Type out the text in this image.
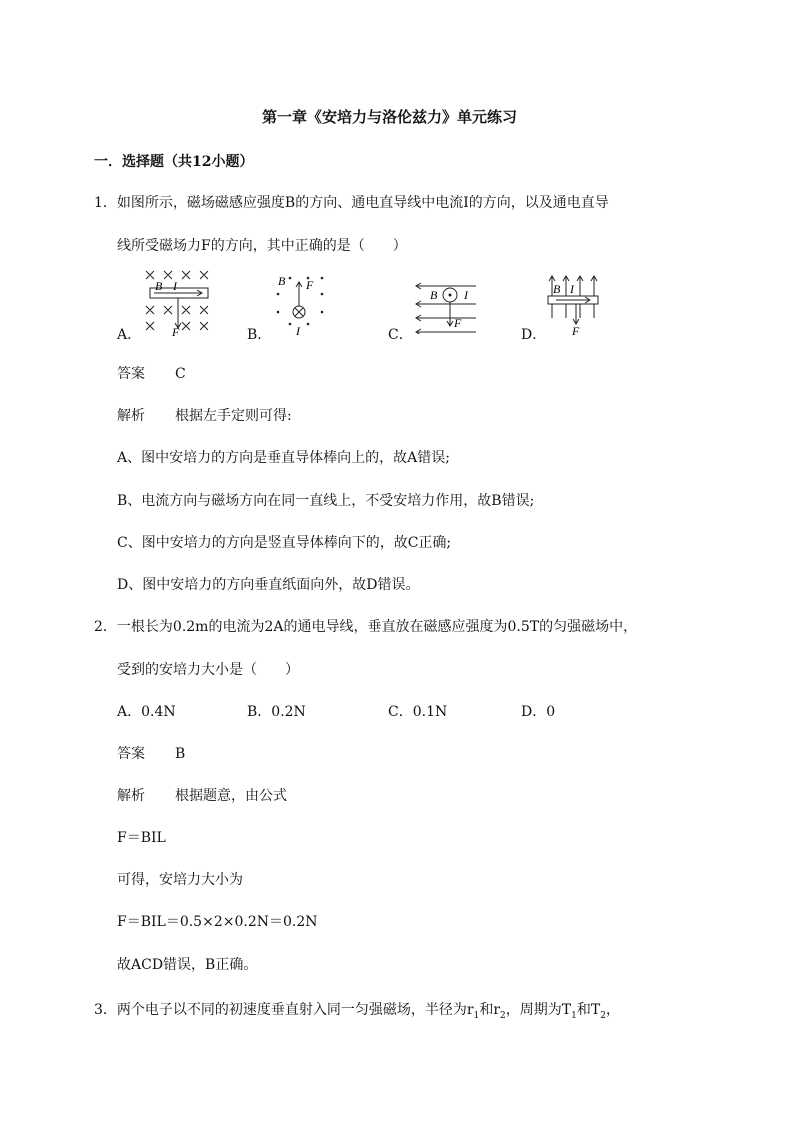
第一章《安培力与洛伦兹力》单元练习
一．选择题（共12小题）
1．如图所示，磁场磁感应强度B的方向、通电直导线中电流I的方向，以及通电直导
线所受磁场力F的方向，其中正确的是（　　）
A．
B I
F	B．
B F
I	C．
B I
F
D．
B I
F
答案 C
解析 根据左手定则可得:
A、图中安培力的方向是垂直导体棒向上的，故A错误;
B、电流方向与磁场方向在同一直线上，不受安培力作用，故B错误;
C、图中安培力的方向是竖直导体棒向下的，故C正确;
D、图中安培力的方向垂直纸面向外，故D错误。
2．一根长为0.2m的电流为2A的通电导线，垂直放在磁感应强度为0.5T的匀强磁场中，
受到的安培力大小是（　　）
A．0.4N	B．0.2N	C．0.1N	D．0
答案 B
解析 根据题意，由公式
F＝BIL
可得，安培力大小为
F＝BIL＝0.5×2×0.2N＝0.2N
故ACD错误，B正确。
3．两个电子以不同的初速度垂直射入同一匀强磁场，半径为$r_1$和$r_2$，周期为$T_1$和$T_2$，
